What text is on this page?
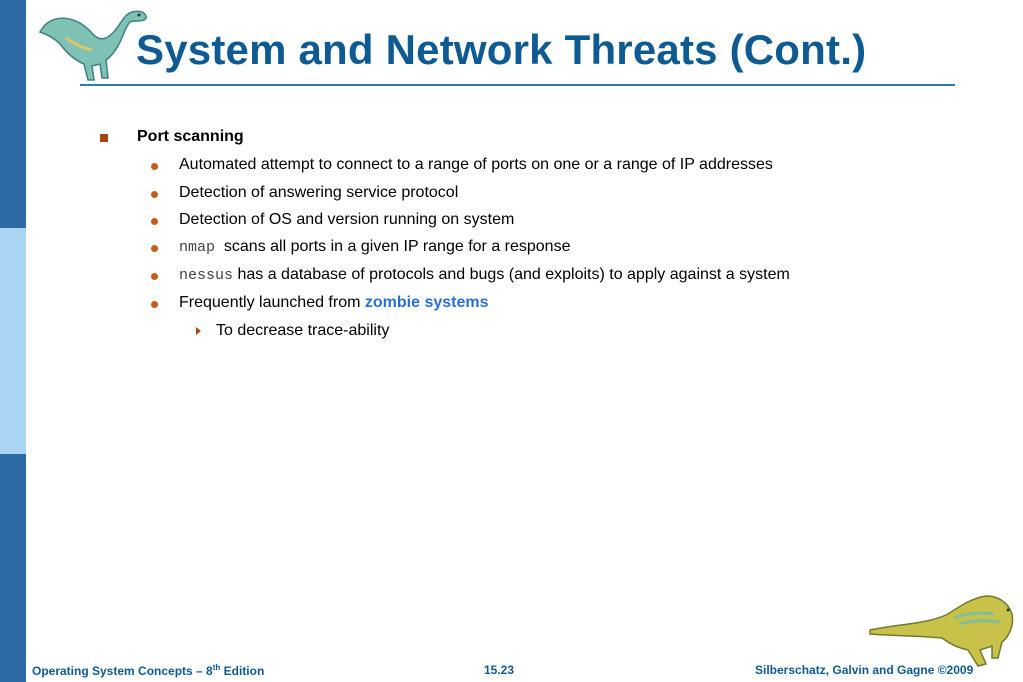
System and Network Threats (Cont.)
Port scanning
Automated attempt to connect to a range of ports on one or a range of IP addresses
Detection of answering service protocol
Detection of OS and version running on system
nmap scans all ports in a given IP range for a response
nessus has a database of protocols and bugs (and exploits) to apply against a system
Frequently launched from zombie systems
To decrease trace-ability
Operating System Concepts – 8th Edition	15.23	Silberschatz, Galvin and Gagne ©2009
